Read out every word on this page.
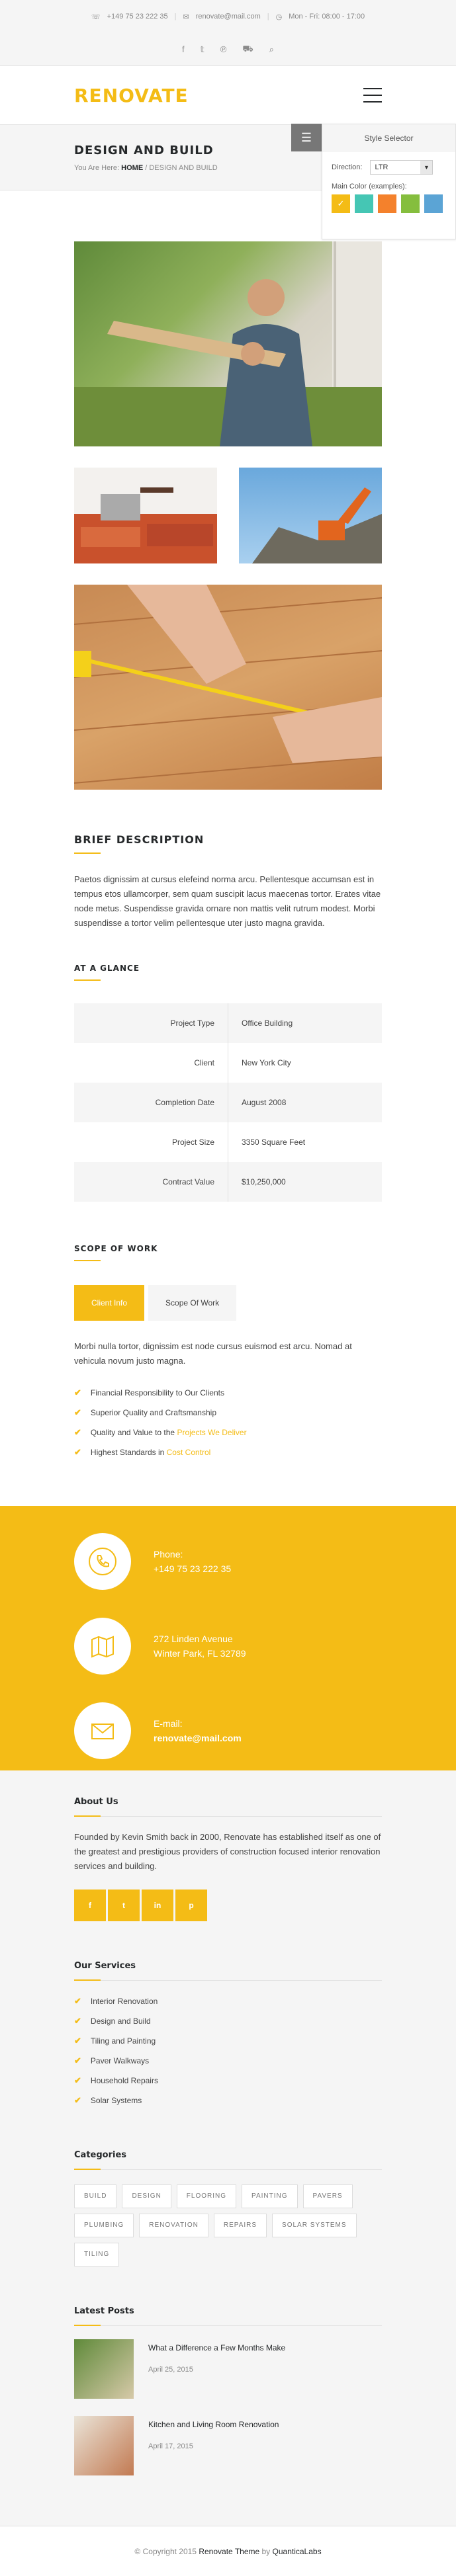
☏ +149 75 23 222 35 | ✉ renovate@mail.com | ◷ Mon - Fri: 08:00 - 17:00
f 𝕥 ℗ ⛟ ⌕
RENOVATE
DESIGN AND BUILD
You Are Here: HOME / DESIGN AND BUILD
☰	Style Selector
Direction: LTR	▼
Main Color (examples):
✓
BRIEF DESCRIPTION

Paetos dignissim at cursus elefeind norma arcu. Pellentesque accumsan est in tempus etos ullamcorper, sem quam suscipit lacus maecenas tortor. Erates vitae node metus. Suspendisse gravida ornare non mattis velit rutrum modest. Morbi suspendisse a tortor velim pellentesque uter justo magna gravida.

AT A GLANCE
Project Type	Office Building
Client	New York City
Completion Date	August 2008
Project Size	3350 Square Feet
Contract Value	$10,250,000
SCOPE OF WORK
Client Info	Scope Of Work

Morbi nulla tortor, dignissim est node cursus euismod est arcu. Nomad at vehicula novum justo magna.

✔ Financial Responsibility to Our Clients
✔ Superior Quality and Craftsmanship
✔ Quality and Value to the Projects We Deliver
✔ Highest Standards in Cost Control
Phone:
+149 75 23 222 35
272 Linden Avenue
Winter Park, FL 32789
E-mail:
renovate@mail.com
About Us

Founded by Kevin Smith back in 2000, Renovate has established itself as one of the greatest and prestigious providers of construction focused interior renovation services and building.

f	t	in	p
Our Services
✔ Interior Renovation
✔ Design and Build
✔ Tiling and Painting
✔ Paver Walkways
✔ Household Repairs
✔ Solar Systems
Categories
BUILD	DESIGN	FLOORING	PAINTING	PAVERS
PLUMBING	RENOVATION	REPAIRS	SOLAR SYSTEMS
TILING
Latest Posts
What a Difference a Few Months Make
April 25, 2015
Kitchen and Living Room Renovation
April 17, 2015
© Copyright 2015 Renovate Theme by QuanticaLabs
